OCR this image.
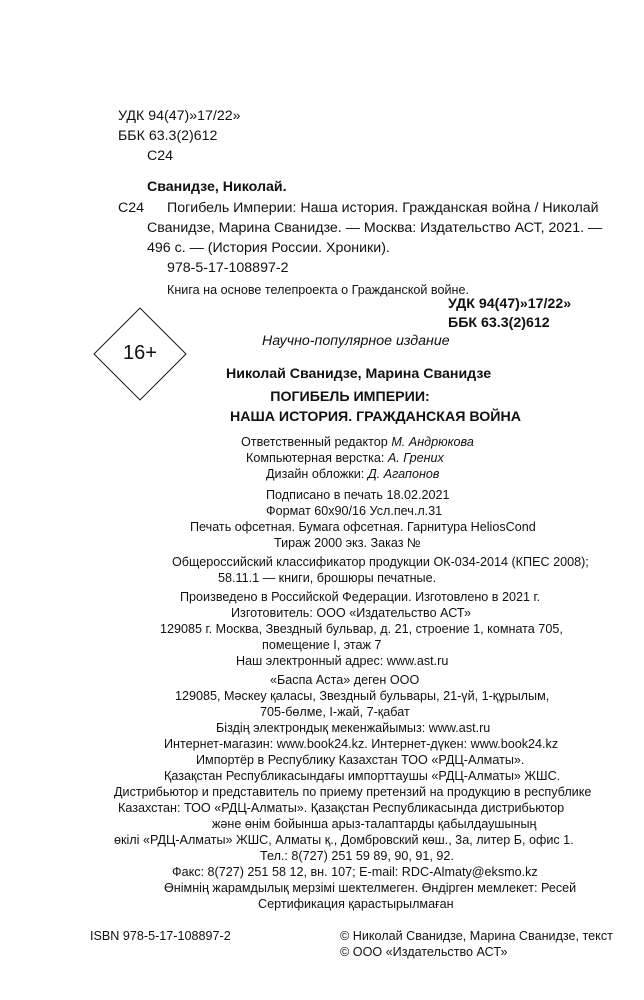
УДК 94(47)»17/22»
ББК 63.3(2)612
С24
Сванидзе, Николай.
С24 Погибель Империи: Наша история. Гражданская война / Николай
Сванидзе, Марина Сванидзе. — Москва: Издательство АСТ, 2021. —
496 с. — (История России. Хроники).
978-5-17-108897-2
Книга на основе телепроекта о Гражданской войне.
УДК 94(47)»17/22»
ББК 63.3(2)612
16+
Научно-популярное издание
Николай Сванидзе, Марина Сванидзе
ПОГИБЕЛЬ ИМПЕРИИ:
НАША ИСТОРИЯ. ГРАЖДАНСКАЯ ВОЙНА
Ответственный редактор М. Андрюкова
Компьютерная верстка: А. Грених
Дизайн обложки: Д. Агапонов
Подписано в печать 18.02.2021
Формат 60х90/16 Усл.печ.л.31
Печать офсетная. Бумага офсетная. Гарнитура HeliosCond
Тираж 2000 экз. Заказ №
Общероссийский классификатор продукции ОК-034-2014 (КПЕС 2008);
58.11.1 — книги, брошюры печатные.
Произведено в Российской Федерации. Изготовлено в 2021 г.
Изготовитель: ООО «Издательство АСТ»
129085 г. Москва, Звездный бульвар, д. 21, строение 1, комната 705,
помещение I, этаж 7
Наш электронный адрес: www.ast.ru
«Баспа Аста» деген ООО
129085, Мәскеу қаласы, Звездный бульвары, 21-үй, 1-құрылым,
705-бөлме, I-жай, 7-қабат
Біздің электрондық мекенжайымыз: www.ast.ru
Интернет-магазин: www.book24.kz. Интернет-дүкен: www.book24.kz
Импортёр в Республику Казахстан ТОО «РДЦ-Алматы».
Қазақстан Республикасындағы импорттаушы «РДЦ-Алматы» ЖШС.
Дистрибьютор и представитель по приему претензий на продукцию в республике
Казахстан: ТОО «РДЦ-Алматы». Қазақстан Республикасында дистрибьютор
және өнім бойынша арыз-талаптарды қабылдаушының
өкілі «РДЦ-Алматы» ЖШС, Алматы қ., Домбровский көш., 3а, литер Б, офис 1.
Тел.: 8(727) 251 59 89, 90, 91, 92.
Факс: 8(727) 251 58 12, вн. 107; E-mail: RDC-Almaty@eksmo.kz
Өнімнің жарамдылық мерзімі шектелмеген. Өндірген мемлекет: Ресей
Сертификация қарастырылмаған
ISBN 978-5-17-108897-2	© Николай Сванидзе, Марина Сванидзе, текст
© ООО «Издательство АСТ»
